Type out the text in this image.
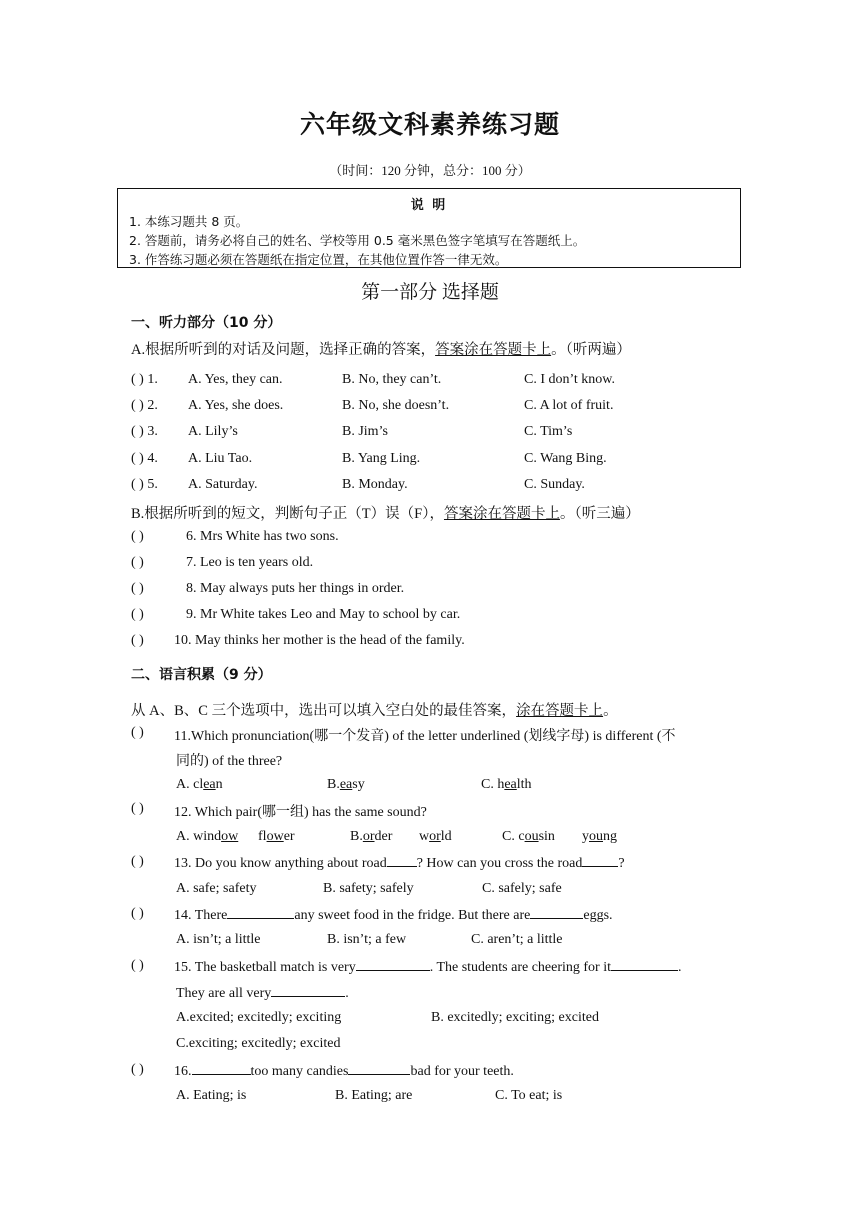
六年级文科素养练习题
（时间：120 分钟，总分：100 分）
说 明
1. 本练习题共 8 页。
2. 答题前，请务必将自己的姓名、学校等用 0.5 毫米黑色签字笔填写在答题纸上。
3. 作答练习题必须在答题纸在指定位置，在其他位置作答一律无效。
第一部分 选择题
一、听力部分（10 分）
A.根据所听到的对话及问题，选择正确的答案，答案涂在答题卡上。（听两遍）
( ) 1. A. Yes, they can.	B. No, they can’t.	C. I don’t know.
( ) 2. A. Yes, she does.	B. No, she doesn’t.	C. A lot of fruit.
( ) 3. A. Lily’s	B. Jim’s	C. Tim’s
( ) 4. A. Liu Tao.	B. Yang Ling.	C. Wang Bing.
( ) 5. A. Saturday.	B. Monday.	C. Sunday.
B.根据所听到的短文，判断句子正（T）误（F），答案涂在答题卡上。（听三遍）
( )	6. Mrs White has two sons.
( )	7. Leo is ten years old.
( )	8. May always puts her things in order.
( )	9. Mr White takes Leo and May to school by car.
( ) 10. May thinks her mother is the head of the family.
二、语言积累（9 分）
从 A、B、C 三个选项中，选出可以填入空白处的最佳答案，涂在答题卡上。
( ) 11.Which pronunciation(哪一个发音) of the letter underlined (划线字母) is different (不
同的) of the three?
A. clean	B.easy	C. health
( ) 12. Which pair(哪一组) has the same sound?
A. window flower	B.order world	C. cousin young
( ) 13. Do you know anything about road ? How can you cross the road	?
A. safe; safety	B. safety; safely	C. safely; safe
( ) 14. There	any sweet food in the fridge. But there are	eggs.
A. isn’t; a little	B. isn’t; a few	C. aren’t; a little
( ) 15. The basketball match is very	. The students are cheering for it	.
They are all very	.
A.excited; excitedly; exciting	B. excitedly; exciting; excited
C.exciting; excitedly; excited
( ) 16.	too many candies	bad for your teeth.
A. Eating; is	B. Eating; are	C. To eat; is
